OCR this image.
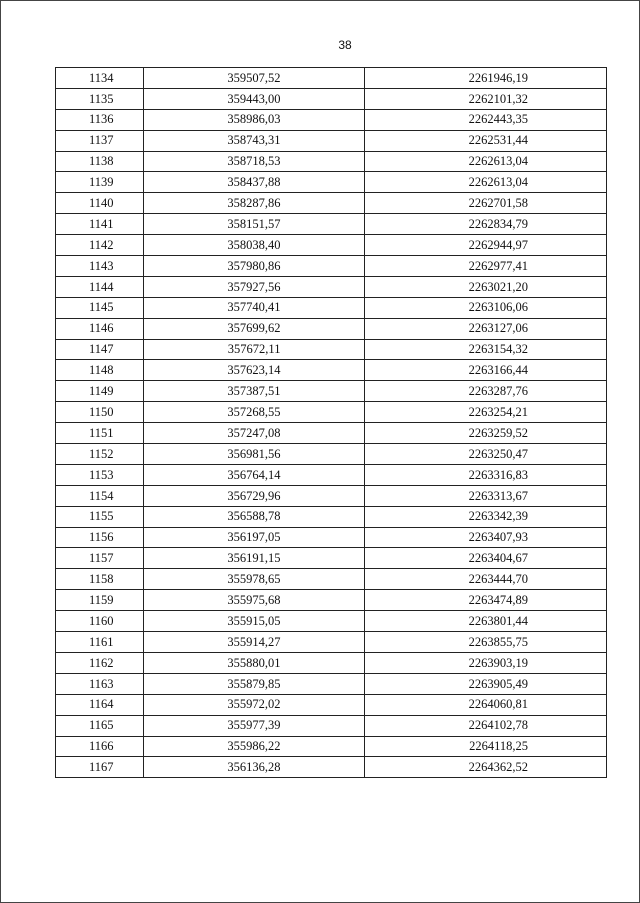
38
1134	359507,52	2261946,19
1135	359443,00	2262101,32
1136	358986,03	2262443,35
1137	358743,31	2262531,44
1138	358718,53	2262613,04
1139	358437,88	2262613,04
1140	358287,86	2262701,58
1141	358151,57	2262834,79
1142	358038,40	2262944,97
1143	357980,86	2262977,41
1144	357927,56	2263021,20
1145	357740,41	2263106,06
1146	357699,62	2263127,06
1147	357672,11	2263154,32
1148	357623,14	2263166,44
1149	357387,51	2263287,76
1150	357268,55	2263254,21
1151	357247,08	2263259,52
1152	356981,56	2263250,47
1153	356764,14	2263316,83
1154	356729,96	2263313,67
1155	356588,78	2263342,39
1156	356197,05	2263407,93
1157	356191,15	2263404,67
1158	355978,65	2263444,70
1159	355975,68	2263474,89
1160	355915,05	2263801,44
1161	355914,27	2263855,75
1162	355880,01	2263903,19
1163	355879,85	2263905,49
1164	355972,02	2264060,81
1165	355977,39	2264102,78
1166	355986,22	2264118,25
1167	356136,28	2264362,52
